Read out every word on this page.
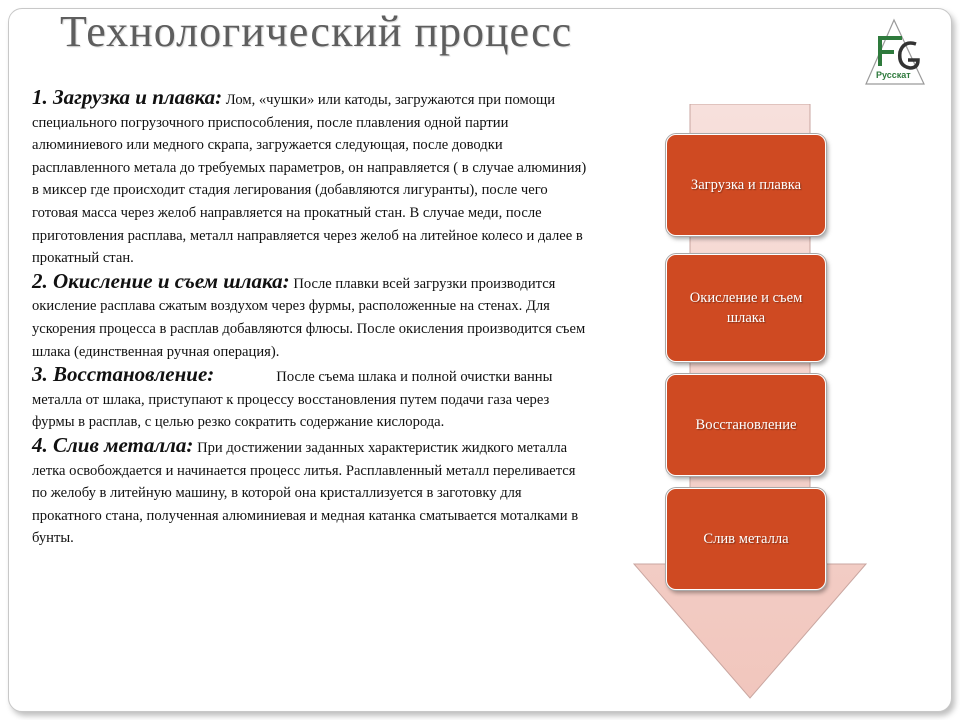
Технологический процесс
Русскат

1. Загрузка и плавка: Лом, «чушки» или катоды, загружаются при помощи специального погрузочного приспособления, после плавления одной партии алюминиевого или медного скрапа, загружается следующая, после доводки расплавленного метала до требуемых параметров, он направляется ( в случае алюминия) в миксер где происходит стадия легирования (добавляются лигуранты), после чего готовая масса через желоб направляется на прокатный стан. В случае меди, после приготовления расплава, металл направляется через желоб на литейное колесо и далее в прокатный стан.

2. Окисление и съем шлака: После плавки всей загрузки производится окисление расплава сжатым воздухом через фурмы, расположенные на стенах. Для ускорения процесса в расплав добавляются флюсы. После окисления производится съем шлака (единственная ручная операция).

3. Восстановление:	После съема шлака и полной очистки ванны металла от шлака, приступают к процессу восстановления путем подачи газа через фурмы в расплав, с целью резко сократить содержание кислорода.

4. Слив металла: При достижении заданных характеристик жидкого металла летка освобождается и начинается процесс литья. Расплавленный металл переливается по желобу в литейную машину, в которой она кристаллизуется в заготовку для прокатного стана, полученная алюминиевая и медная катанка сматывается моталками в бунты.

Загрузка и плавка
Окисление и съем шлака
Восстановление
Слив металла
